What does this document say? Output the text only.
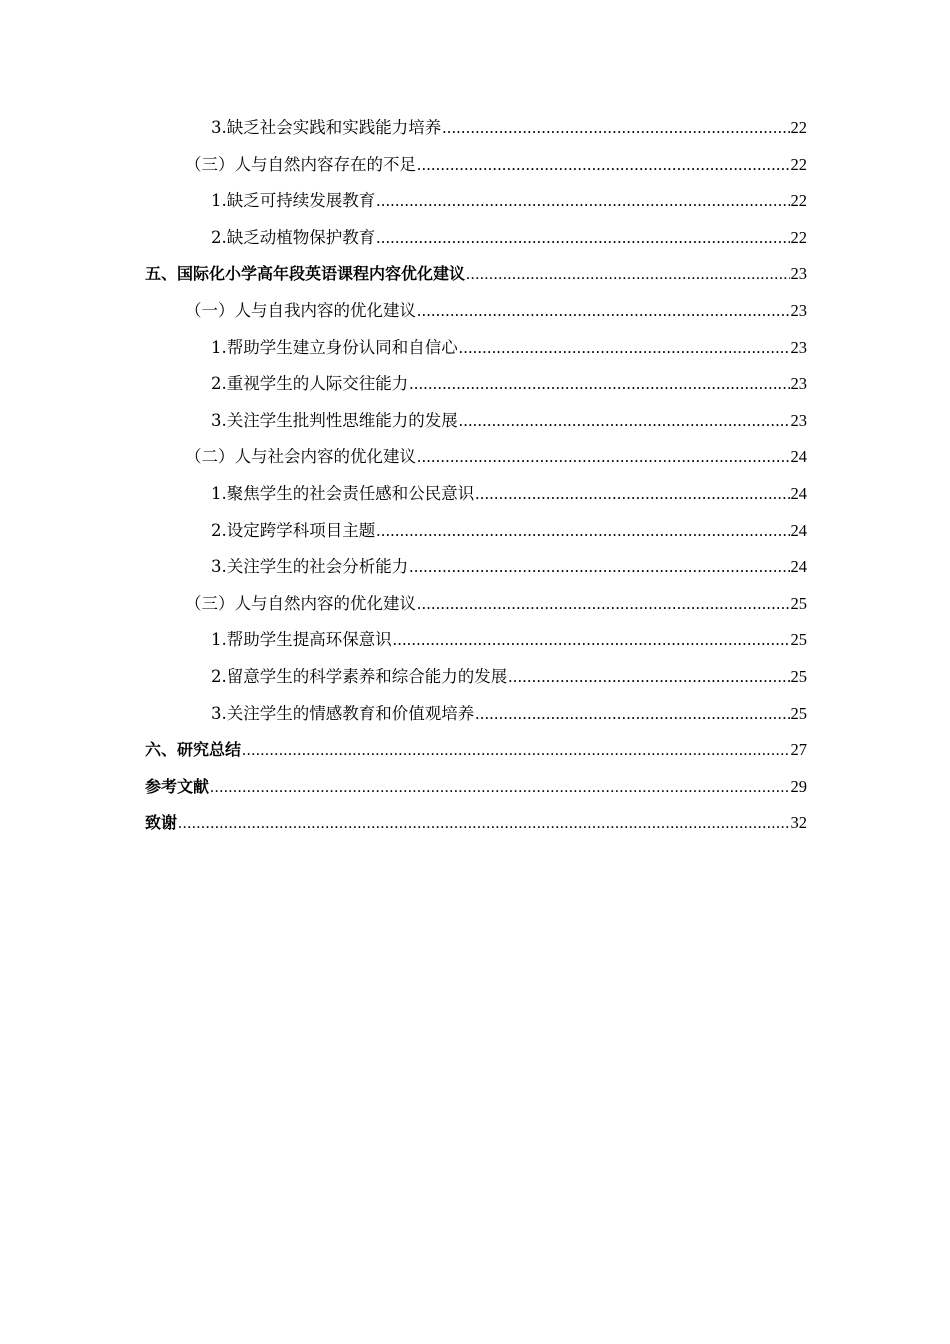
3.缺乏社会实践和实践能力培养 .....	22
（三）人与自然内容存在的不足 .....	22
1.缺乏可持续发展教育 .....	22
2.缺乏动植物保护教育 .....	22
五、国际化小学高年段英语课程内容优化建议 .....	23
（一）人与自我内容的优化建议 .....	23
1.帮助学生建立身份认同和自信心 .....	23
2.重视学生的人际交往能力 .....	23
3.关注学生批判性思维能力的发展 .....	23
（二）人与社会内容的优化建议 .....	24
1.聚焦学生的社会责任感和公民意识 .....	24
2.设定跨学科项目主题 .....	24
3.关注学生的社会分析能力 .....	24
（三）人与自然内容的优化建议 .....	25
1.帮助学生提高环保意识 .....	25
2.留意学生的科学素养和综合能力的发展 .....	25
3.关注学生的情感教育和价值观培养 .....	25
六、研究总结 .....	27
参考文献 .....	29
致谢 .....	32
